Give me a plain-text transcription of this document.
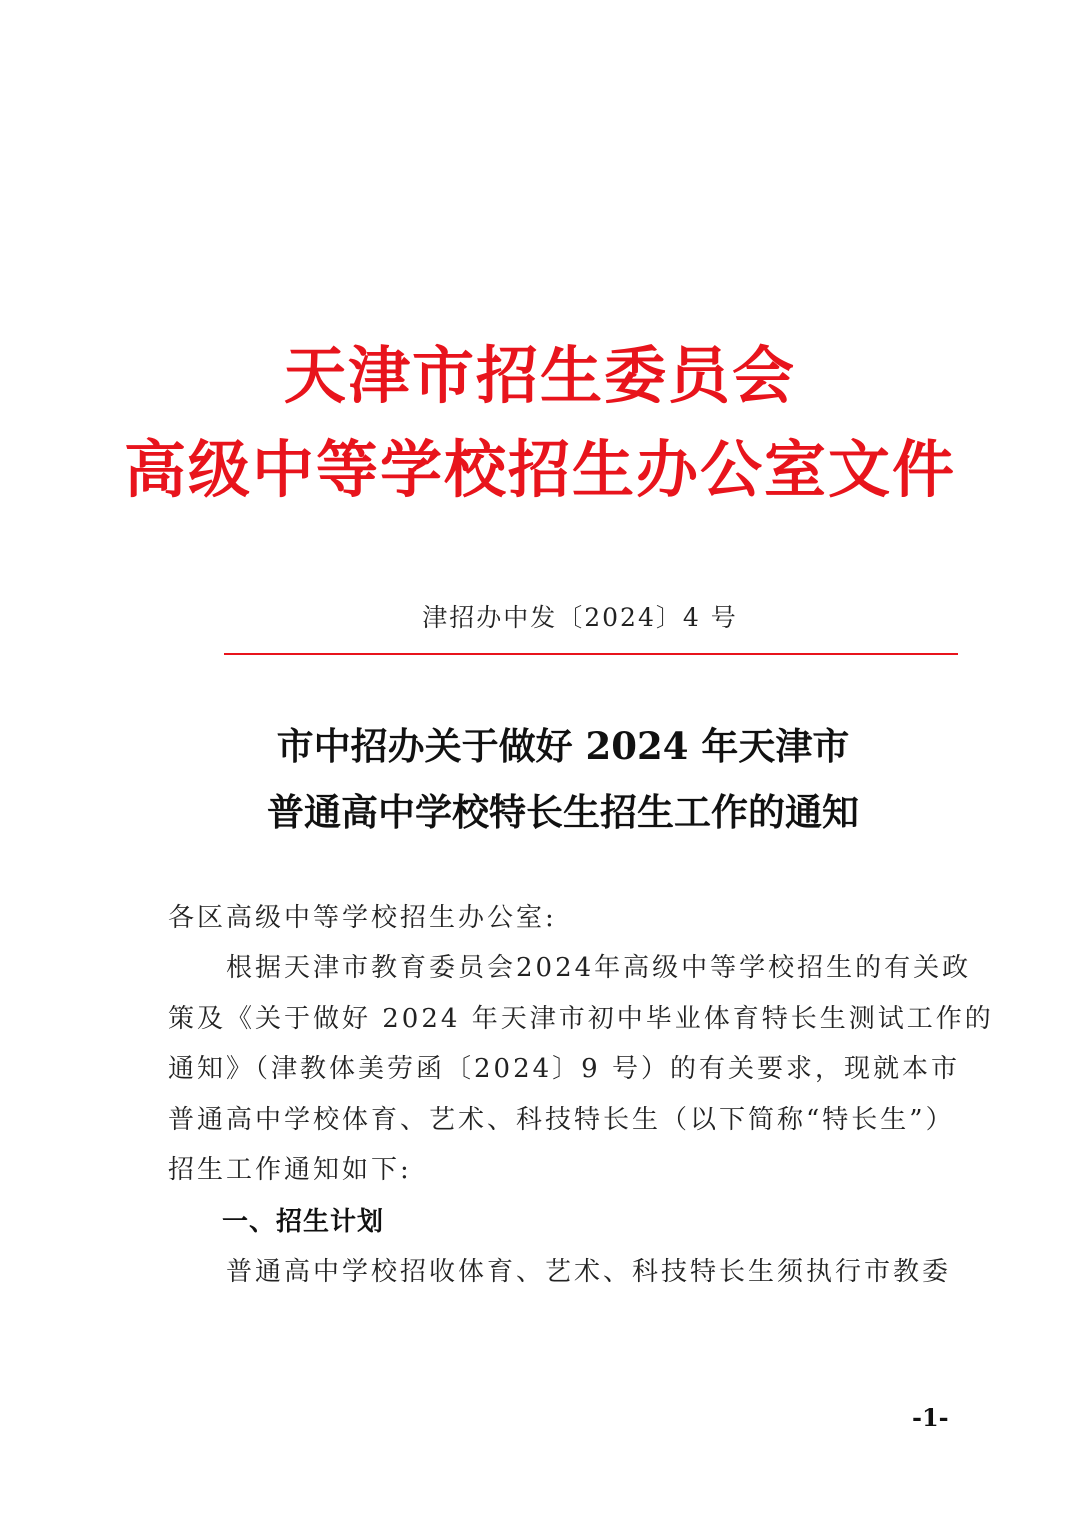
天津市招生委员会
高级中等学校招生办公室文件
津招办中发〔2024〕4 号
市中招办关于做好 2024 年天津市
普通高中学校特长生招生工作的通知
各区高级中等学校招生办公室:
根据天津市教育委员会2024年高级中等学校招生的有关政
策及《关于做好 2024 年天津市初中毕业体育特长生测试工作的
通知》（津教体美劳函〔2024〕9 号）的有关要求，现就本市
普通高中学校体育、艺术、科技特长生（以下简称“特长生”）
招生工作通知如下:
一、招生计划
普通高中学校招收体育、艺术、科技特长生须执行市教委
-1-
